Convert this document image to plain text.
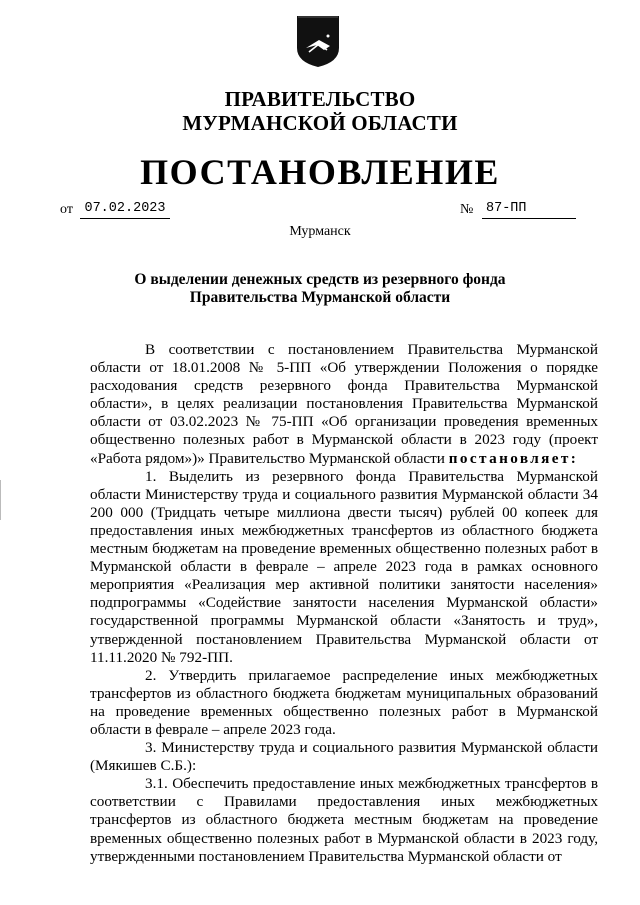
ПРАВИТЕЛЬСТВО
МУРМАНСКОЙ ОБЛАСТИ
ПОСТАНОВЛЕНИЕ
от 07.02.2023	№ 87-ПП
Мурманск
О выделении денежных средств из резервного фонда
Правительства Мурманской области

В соответствии с постановлением Правительства Мурманской области от 18.01.2008 № 5-ПП «Об утверждении Положения о порядке расходования средств резервного фонда Правительства Мурманской области», в целях реализации постановления Правительства Мурманской области от 03.02.2023 № 75-ПП «Об организации проведения временных общественно полезных работ в Мурманской области в 2023 году (проект «Работа рядом»)» Правительство Мурманской области постановляет:

1. Выделить из резервного фонда Правительства Мурманской области Министерству труда и социального развития Мурманской области 34 200 000 (Тридцать четыре миллиона двести тысяч) рублей 00 копеек для предоставления иных межбюджетных трансфертов из областного бюджета местным бюджетам на проведение временных общественно полезных работ в Мурманской области в феврале – апреле 2023 года в рамках основного мероприятия «Реализация мер активной политики занятости населения» подпрограммы «Содействие занятости населения Мурманской области» государственной программы Мурманской области «Занятость и труд», утвержденной постановлением Правительства Мурманской области от 11.11.2020 № 792-ПП.

2. Утвердить прилагаемое распределение иных межбюджетных трансфертов из областного бюджета бюджетам муниципальных образований на проведение временных общественно полезных работ в Мурманской области в феврале – апреле 2023 года.

3. Министерству труда и социального развития Мурманской области (Мякишев С.Б.):

3.1. Обеспечить предоставление иных межбюджетных трансфертов в соответствии с Правилами предоставления иных межбюджетных трансфертов из областного бюджета местным бюджетам на проведение временных общественно полезных работ в Мурманской области в 2023 году, утвержденными постановлением Правительства Мурманской области от
